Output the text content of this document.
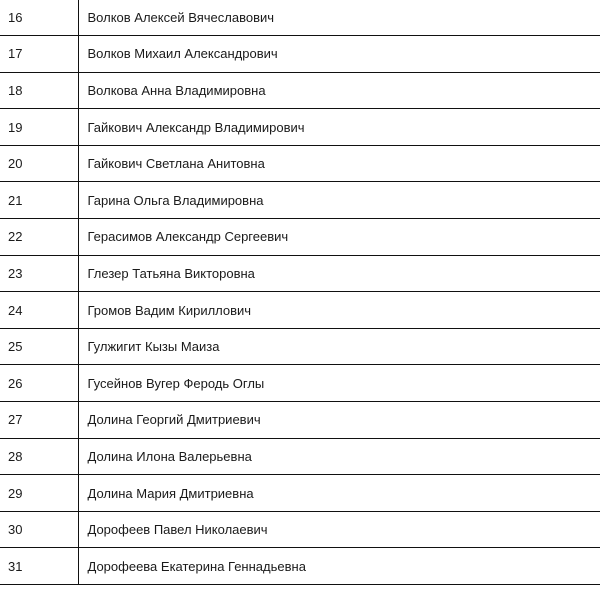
16	Волков Алексей Вячеславович
17	Волков Михаил Александрович
18	Волкова Анна Владимировна
19	Гайкович Александр Владимирович
20	Гайкович Светлана Анитовна
21	Гарина Ольга Владимировна
22	Герасимов Александр Сергеевич
23	Глезер Татьяна Викторовна
24	Громов Вадим Кириллович
25	Гулжигит Кызы Маиза
26	Гусейнов Вугер Феродь Оглы
27	Долина Георгий Дмитриевич
28	Долина Илона Валерьевна
29	Долина Мария Дмитриевна
30	Дорофеев Павел Николаевич
31	Дорофеева Екатерина Геннадьевна
